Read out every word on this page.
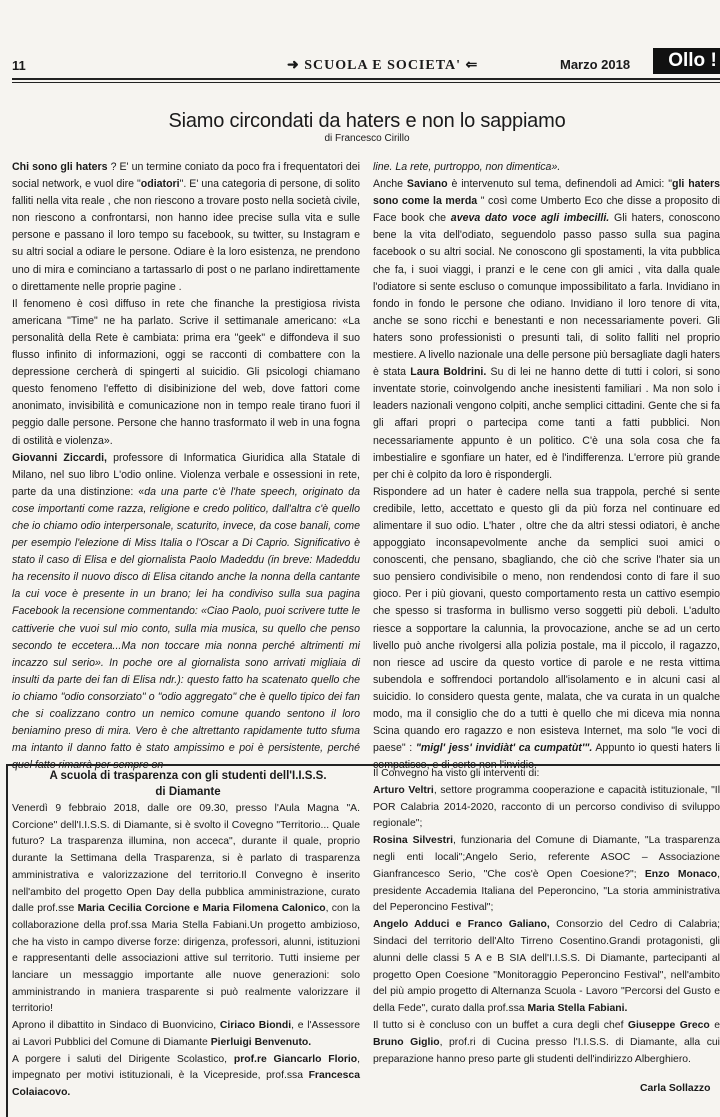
11	➜ SCUOLA E SOCIETA' ⇐	Marzo 2018	Ollo !
Siamo circondati da haters e non lo sappiamo
di Francesco Cirillo

Chi sono gli haters ? E' un termine coniato da poco fra i frequentatori dei social network, e vuol dire "odiatori". E' una categoria di persone, di solito falliti nella vita reale , che non riescono a trovare posto nella società civile, non riescono a confrontarsi, non hanno idee precise sulla vita e sulle persone e passano il loro tempo su facebook, su twitter, su Instagram e su altri social a odiare le persone. Odiare è la loro esistenza, ne prendono uno di mira e cominciano a tartassarlo di post o ne parlano indirettamente o direttamente nelle proprie pagine .

Il fenomeno è così diffuso in rete che finanche la prestigiosa rivista americana "Time" ne ha parlato. Scrive il settimanale americano: «La personalità della Rete è cambiata: prima era "geek" e diffondeva il suo flusso infinito di informazioni, oggi se racconti di combattere con la depressione cercherà di spingerti al suicidio. Gli psicologi chiamano questo fenomeno l'effetto di disibinizione del web, dove fattori come anonimato, invisibilità e comunicazione non in tempo reale tirano fuori il peggio dalle persone. Persone che hanno trasformato il web in una fogna di ostilità e violenza».

Giovanni Ziccardi, professore di Informatica Giuridica alla Statale di Milano, nel suo libro L'odio online. Violenza verbale e ossessioni in rete, parte da una distinzione: «da una parte c'è l'hate speech, originato da cose importanti come razza, religione e credo politico, dall'altra c'è quello che io chiamo odio interpersonale, scaturito, invece, da cose banali, come per esempio l'elezione di Miss Italia o l'Oscar a Di Caprio. Significativo è stato il caso di Elisa e del giornalista Paolo Madeddu (in breve: Madeddu ha recensito il nuovo disco di Elisa citando anche la nonna della cantante la cui voce è presente in un brano; lei ha condiviso sulla sua pagina Facebook la recensione commentando: «Ciao Paolo, puoi scrivere tutte le cattiverie che vuoi sul mio conto, sulla mia musica, su quello che penso secondo te eccetera...Ma non toccare mia nonna perché altrimenti mi incazzo sul serio». In poche ore al giornalista sono arrivati migliaia di insulti da parte dei fan di Elisa ndr.): questo fatto ha scatenato quello che io chiamo "odio consorziato" o "odio aggregato" che è quello tipico dei fan che si coalizzano contro un nemico comune quando sentono il loro beniamino preso di mira. Vero è che altrettanto rapidamente tutto sfuma ma intanto il danno fatto è stato ampissimo e poi è persistente, perché quel fatto rimarrà per sempre on

line. La rete, purtroppo, non dimentica».

Anche Saviano è intervenuto sul tema, definendoli ad Amici: "gli haters sono come la merda " così come Umberto Eco che disse a proposito di Face book che aveva dato voce agli imbecilli. Gli haters, conoscono bene la vita dell'odiato, seguendolo passo passo sulla sua pagina facebook o su altri social. Ne conoscono gli spostamenti, la vita pubblica che fa, i suoi viaggi, i pranzi e le cene con gli amici , vita dalla quale l'odiatore si sente escluso o comunque impossibilitato a farla. Invidiano in fondo in fondo le persone che odiano. Invidiano il loro tenore di vita, anche se sono ricchi e benestanti e non necessariamente poveri. Gli haters sono professionisti o presunti tali, di solito falliti nel proprio mestiere. A livello nazionale una delle persone più bersagliate dagli haters è stata Laura Boldrini. Su di lei ne hanno dette di tutti i colori, si sono inventate storie, coinvolgendo anche inesistenti familiari . Ma non solo i leaders nazionali vengono colpiti, anche semplici cittadini. Gente che si fa gli affari propri o partecipa come tanti a fatti pubblici. Non necessariamente appunto è un politico. C'è una sola cosa che fa imbestialire e sgonfiare un hater, ed è l'indifferenza. L'errore più grande per chi è colpito da loro è rispondergli.

Rispondere ad un hater è cadere nella sua trappola, perché si sente credibile, letto, accettato e questo gli da più forza nel continuare ed alimentare il suo odio. L'hater , oltre che da altri stessi odiatori, è anche appoggiato inconsapevolmente anche da semplici suoi amici o conoscenti, che pensano, sbagliando, che ciò che scrive l'hater sia un suo pensiero condivisibile o meno, non rendendosi conto di fare il suo gioco. Per i più giovani, questo comportamento resta un cattivo esempio che spesso si trasforma in bullismo verso soggetti più deboli. L'adulto riesce a sopportare la calunnia, la provocazione, anche se ad un certo livello può anche rivolgersi alla polizia postale, ma il piccolo, il ragazzo, non riesce ad uscire da questo vortice di parole e ne resta vittima subendola e soffrendoci portandolo all'isolamento e in alcuni casi al suicidio. Io considero questa gente, malata, che va curata in un qualche modo, ma il consiglio che do a tutti è quello che mi diceva mia nonna Scina quando ero ragazzo e non esisteva Internet, ma solo "le voci di paese" : "migl' jess' invidiàt' ca cumpatùt'". Appunto io questi haters li compatisco, e di certo non l'invidio.

A scuola di trasparenza con gli studenti dell'I.I.S.S.
di Diamante

Venerdì 9 febbraio 2018, dalle ore 09.30, presso l'Aula Magna "A. Corcione" dell'I.I.S.S. di Diamante, si è svolto il Covegno "Territorio... Quale futuro? La trasparenza illumina, non acceca", durante il quale, proprio durante la Settimana della Trasparenza, si è parlato di trasparenza amministrativa e valorizzazione del territorio.Il Convegno è inserito nell'ambito del progetto Open Day della pubblica amministrazione, curato dalle prof.sse Maria Cecilia Corcione e Maria Filomena Calonico, con la collaborazione della prof.ssa Maria Stella Fabiani.Un progetto ambizioso, che ha visto in campo diverse forze: dirigenza, professori, alunni, istituzioni e rappresentanti delle associazioni attive sul territorio. Tutti insieme per lanciare un messaggio importante alle nuove generazioni: solo amministrando in maniera trasparente si può realmente valorizzare il territorio!

Aprono il dibattito in Sindaco di Buonvicino, Ciriaco Biondi, e l'Assessore ai Lavori Pubblici del Comune di Diamante Pierluigi Benvenuto.

A porgere i saluti del Dirigente Scolastico, prof.re Giancarlo Florio, impegnato per motivi istituzionali, è la Vicepreside, prof.ssa Francesca Colaiacovo.

Il Convegno ha visto gli interventi di:

Arturo Veltri, settore programma cooperazione e capacità istituzionale, "Il POR Calabria 2014-2020, racconto di un percorso condiviso di sviluppo regionale";

Rosina Silvestri, funzionaria del Comune di Diamante, "La trasparenza negli enti locali";Angelo Serio, referente ASOC – Associazione Gianfrancesco Serio, "Che cos'è Open Coesione?"; Enzo Monaco, presidente Accademia Italiana del Peperoncino, "La storia amministrativa del Peperoncino Festival";

Angelo Adduci e Franco Galiano, Consorzio del Cedro di Calabria; Sindaci del territorio dell'Alto Tirreno Cosentino.Grandi protagonisti, gli alunni delle classi 5 A e B SIA dell'I.I.S.S. Di Diamante, partecipanti al progetto Open Coesione "Monitoraggio Peperoncino Festival", nell'ambito del più ampio progetto di Alternanza Scuola - Lavoro "Percorsi del Gusto e della Fede", curato dalla prof.ssa Maria Stella Fabiani.

Il tutto si è concluso con un buffet a cura degli chef Giuseppe Greco e Bruno Giglio, prof.ri di Cucina presso l'I.I.S.S. di Diamante, alla cui preparazione hanno preso parte gli studenti dell'indirizzo Alberghiero.

Carla Sollazzo
